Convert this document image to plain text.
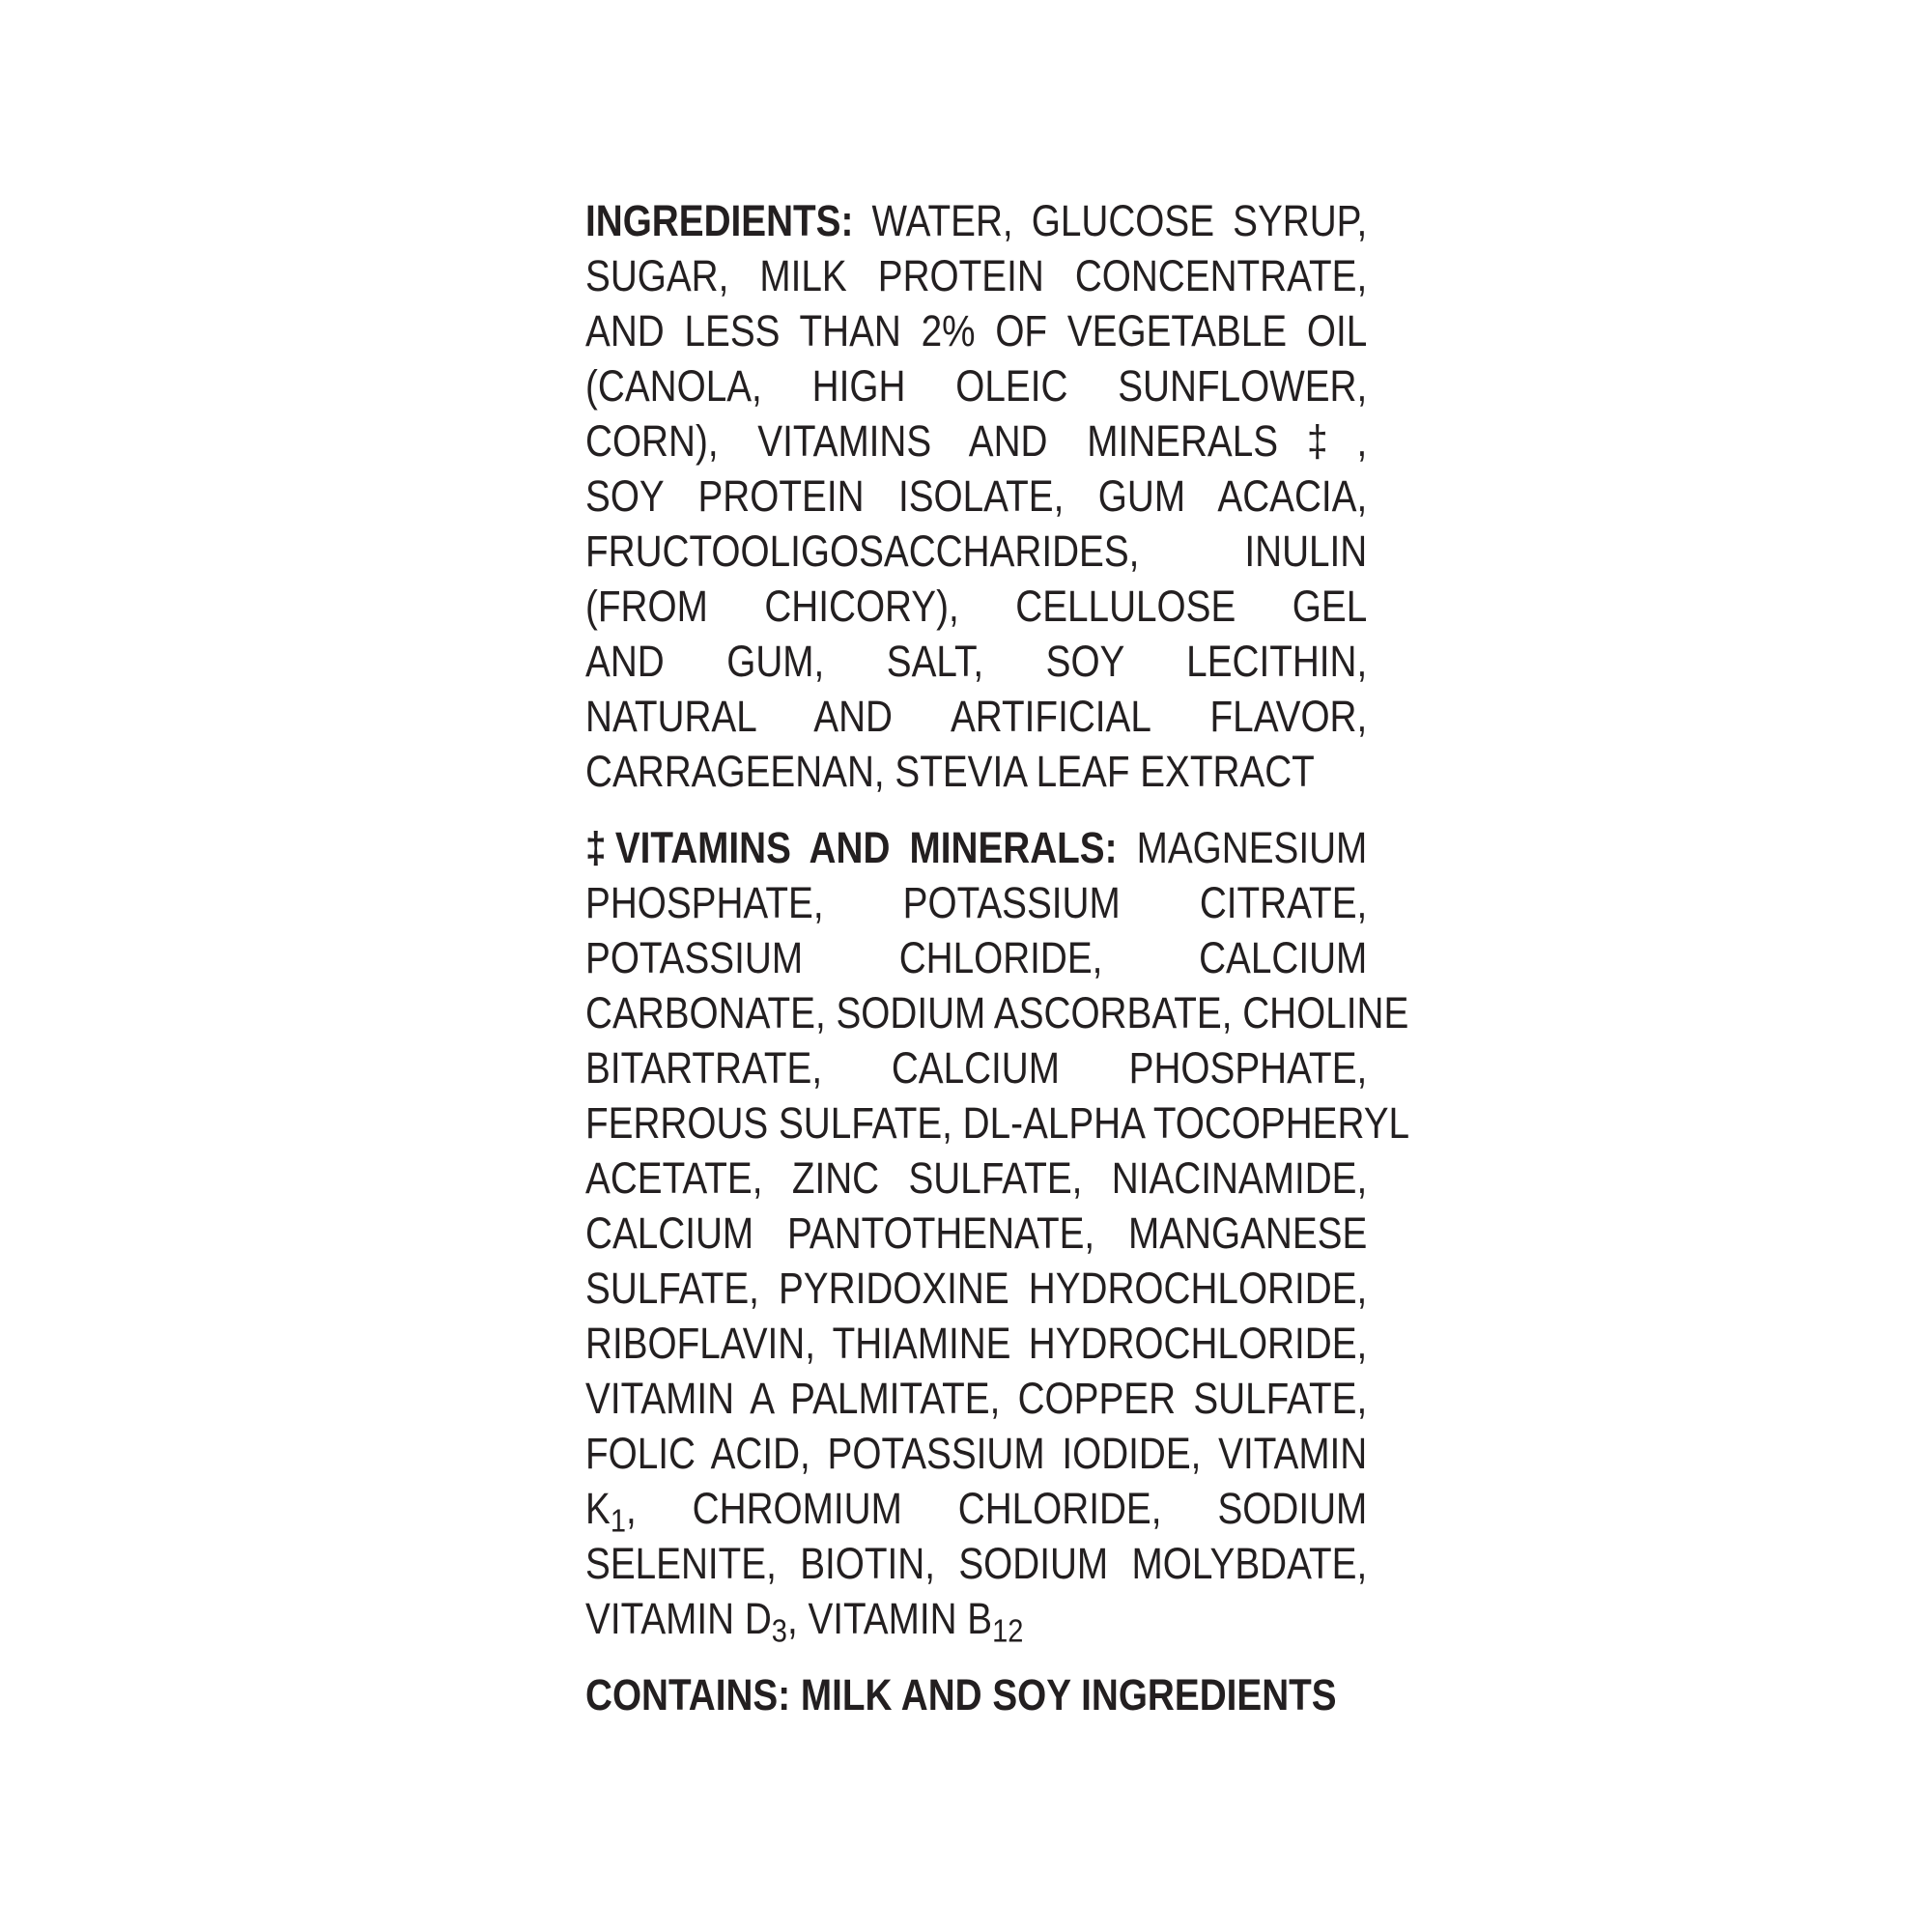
INGREDIENTS: WATER, GLUCOSE SYRUP,
SUGAR, MILK PROTEIN CONCENTRATE,
AND LESS THAN 2% OF VEGETABLE OIL
(CANOLA, HIGH OLEIC SUNFLOWER,
CORN), VITAMINS AND MINERALS‡,
SOY PROTEIN ISOLATE, GUM ACACIA,
FRUCTOOLIGOSACCHARIDES, INULIN
(FROM CHICORY), CELLULOSE GEL
AND GUM, SALT, SOY LECITHIN,
NATURAL AND ARTIFICIAL FLAVOR,
CARRAGEENAN, STEVIA LEAF EXTRACT
‡VITAMINS AND MINERALS: MAGNESIUM
PHOSPHATE, POTASSIUM CITRATE,
POTASSIUM CHLORIDE, CALCIUM
CARBONATE, SODIUM ASCORBATE, CHOLINE
BITARTRATE, CALCIUM PHOSPHATE,
FERROUS SULFATE, DL-ALPHA TOCOPHERYL
ACETATE, ZINC SULFATE, NIACINAMIDE,
CALCIUM PANTOTHENATE, MANGANESE
SULFATE, PYRIDOXINE HYDROCHLORIDE,
RIBOFLAVIN, THIAMINE HYDROCHLORIDE,
VITAMIN A PALMITATE, COPPER SULFATE,
FOLIC ACID, POTASSIUM IODIDE, VITAMIN
$K_1$, CHROMIUM CHLORIDE, SODIUM
SELENITE, BIOTIN, SODIUM MOLYBDATE,
VITAMIN $D_3$, VITAMIN $B_{12}$
CONTAINS: MILK AND SOY INGREDIENTS
